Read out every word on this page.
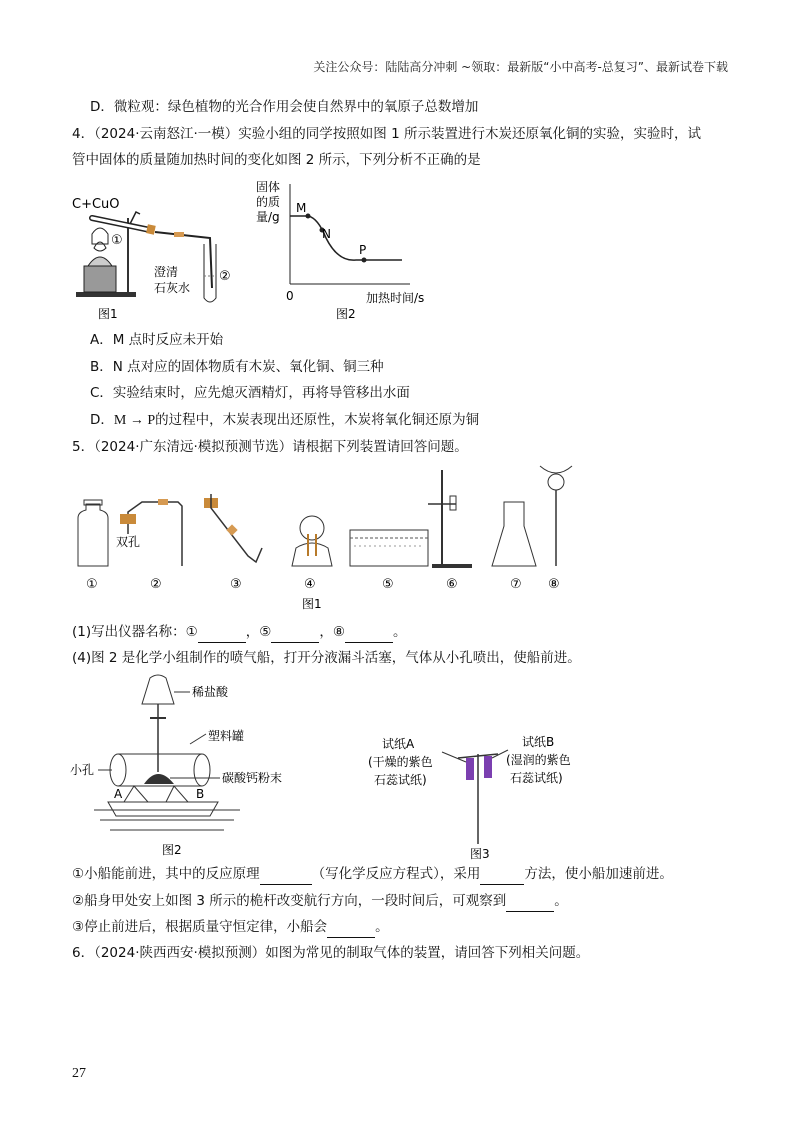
关注公众号：陆陆高分冲刺 ~领取：最新版“小中高考-总复习”、最新试卷下载
D．微粒观：绿色植物的光合作用会使自然界中的氧原子总数增加
4．（2024·云南怒江·一模）实验小组的同学按照如图 1 所示装置进行木炭还原氧化铜的实验，实验时，试
管中固体的质量随加热时间的变化如图 2 所示，下列分析不正确的是
C+CuO
①
②
澄清
石灰水
图1
固体
的质
量/g
0	加热时间/s
图2
M
N
P
A．M 点时反应未开始
B．N 点对应的固体物质有木炭、氧化铜、铜三种
C．实验结束时，应先熄灭酒精灯，再将导管移出水面
D．M → P的过程中，木炭表现出还原性，木炭将氧化铜还原为铜
5．（2024·广东清远·模拟预测节选）请根据下列装置请回答问题。
双孔
①	②	③	④	⑤	⑥	⑦ ⑧
图1
(1)写出仪器名称：①	，⑤	，⑧	。
(4)图 2 是化学小组制作的喷气船，打开分液漏斗活塞，气体从小孔喷出，使船前进。
稀盐酸
塑料罐
碳酸钙粉末
小孔
A	B
图2
试纸A
(干燥的紫色
石蕊试纸)
试纸B
(湿润的紫色
石蕊试纸)
图3
①小船能前进，其中的反应原理	（写化学反应方程式），采用	方法，使小船加速前进。
②船身甲处安上如图 3 所示的桅杆改变航行方向，一段时间后，可观察到	。
③停止前进后，根据质量守恒定律，小船会	。
6．（2024·陕西西安·模拟预测）如图为常见的制取气体的装置，请回答下列相关问题。
27
